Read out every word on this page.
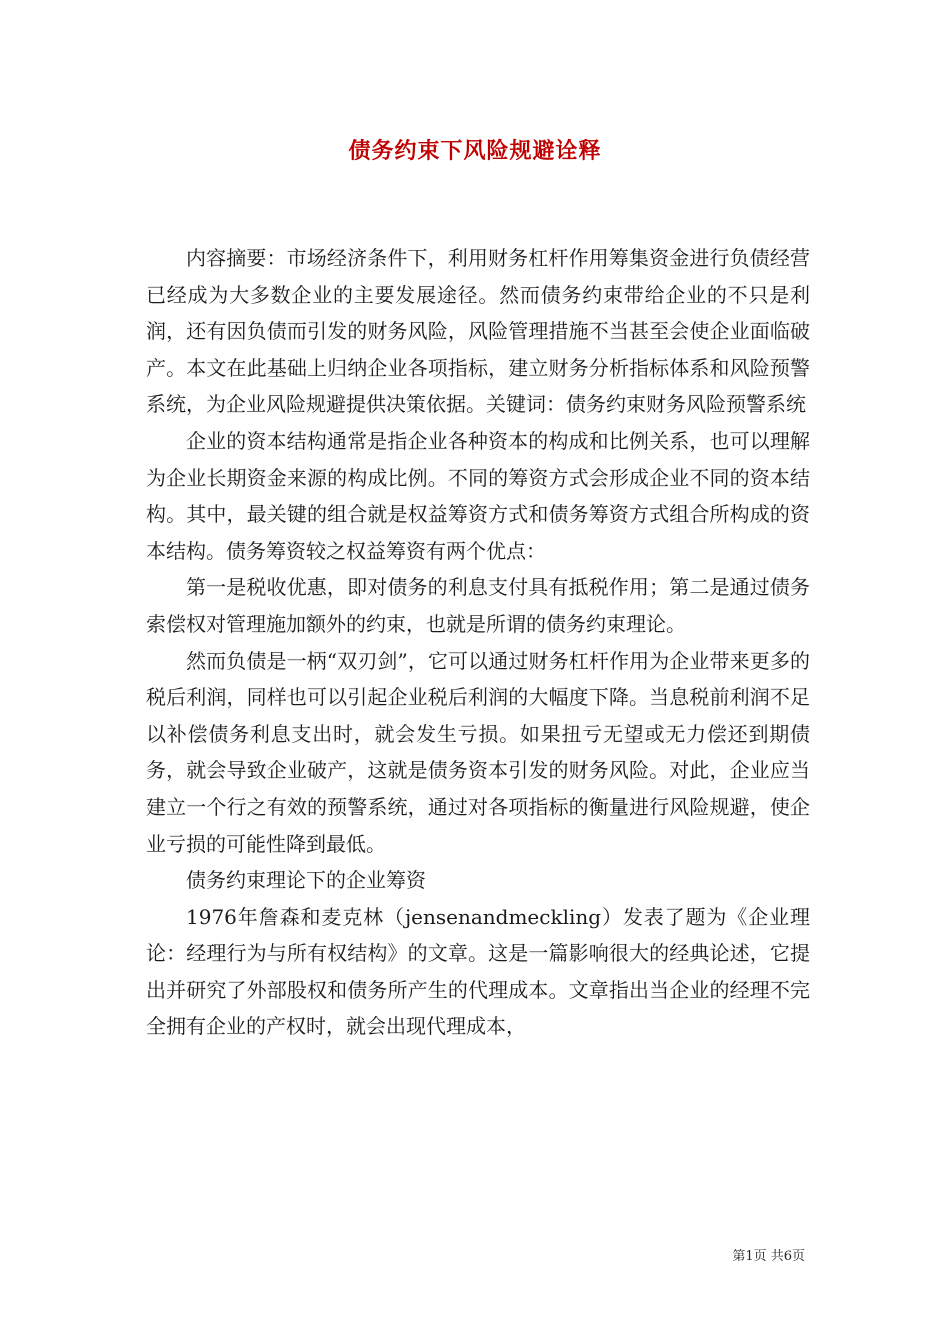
债务约束下风险规避诠释

内容摘要：市场经济条件下，利用财务杠杆作用筹集资金进行负债经营已经成为大多数企业的主要发展途径。然而债务约束带给企业的不只是利润，还有因负债而引发的财务风险，风险管理措施不当甚至会使企业面临破产。本文在此基础上归纳企业各项指标，建立财务分析指标体系和风险预警系统，为企业风险规避提供决策依据。关键词：债务约束财务风险预警系统

企业的资本结构通常是指企业各种资本的构成和比例关系，也可以理解为企业长期资金来源的构成比例。不同的筹资方式会形成企业不同的资本结构。其中，最关键的组合就是权益筹资方式和债务筹资方式组合所构成的资本结构。债务筹资较之权益筹资有两个优点：

第一是税收优惠，即对债务的利息支付具有抵税作用；第二是通过债务索偿权对管理施加额外的约束，也就是所谓的债务约束理论。

然而负债是一柄“双刃剑”，它可以通过财务杠杆作用为企业带来更多的税后利润，同样也可以引起企业税后利润的大幅度下降。当息税前利润不足以补偿债务利息支出时，就会发生亏损。如果扭亏无望或无力偿还到期债务，就会导致企业破产，这就是债务资本引发的财务风险。对此，企业应当建立一个行之有效的预警系统，通过对各项指标的衡量进行风险规避，使企业亏损的可能性降到最低。

债务约束理论下的企业筹资

1976年詹森和麦克林（jensenandmeckling）发表了题为《企业理论：经理行为与所有权结构》的文章。这是一篇影响很大的经典论述，它提出并研究了外部股权和债务所产生的代理成本。文章指出当企业的经理不完全拥有企业的产权时，就会出现代理成本，

第1页 共6页
